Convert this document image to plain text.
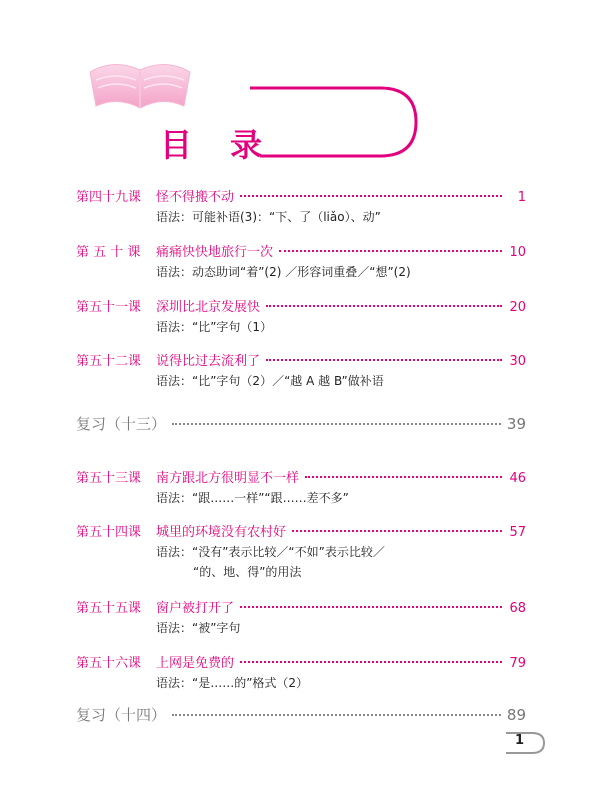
目 录
第四十九课	怪不得搬不动	1
语法：可能补语(3)：“下、了（liǎo）、动”
第 五 十 课	痛痛快快地旅行一次	10
语法：动态助词“着”(2) ／形容词重叠／“想”(2)
第五十一课	深圳比北京发展快	20
语法：“比”字句（1）
第五十二课	说得比过去流利了	30
语法：“比”字句（2）／“越 A 越 B”做补语
复习（十三）	39
第五十三课	南方跟北方很明显不一样	46
语法：“跟……一样”“跟……差不多”
第五十四课	城里的环境没有农村好	57
语法：“没有”表示比较／“不如”表示比较／
“的、地、得”的用法
第五十五课	窗户被打开了	68
语法：“被”字句
第五十六课	上网是免费的	79
语法：“是……的”格式（2）
复习（十四）	89
1
